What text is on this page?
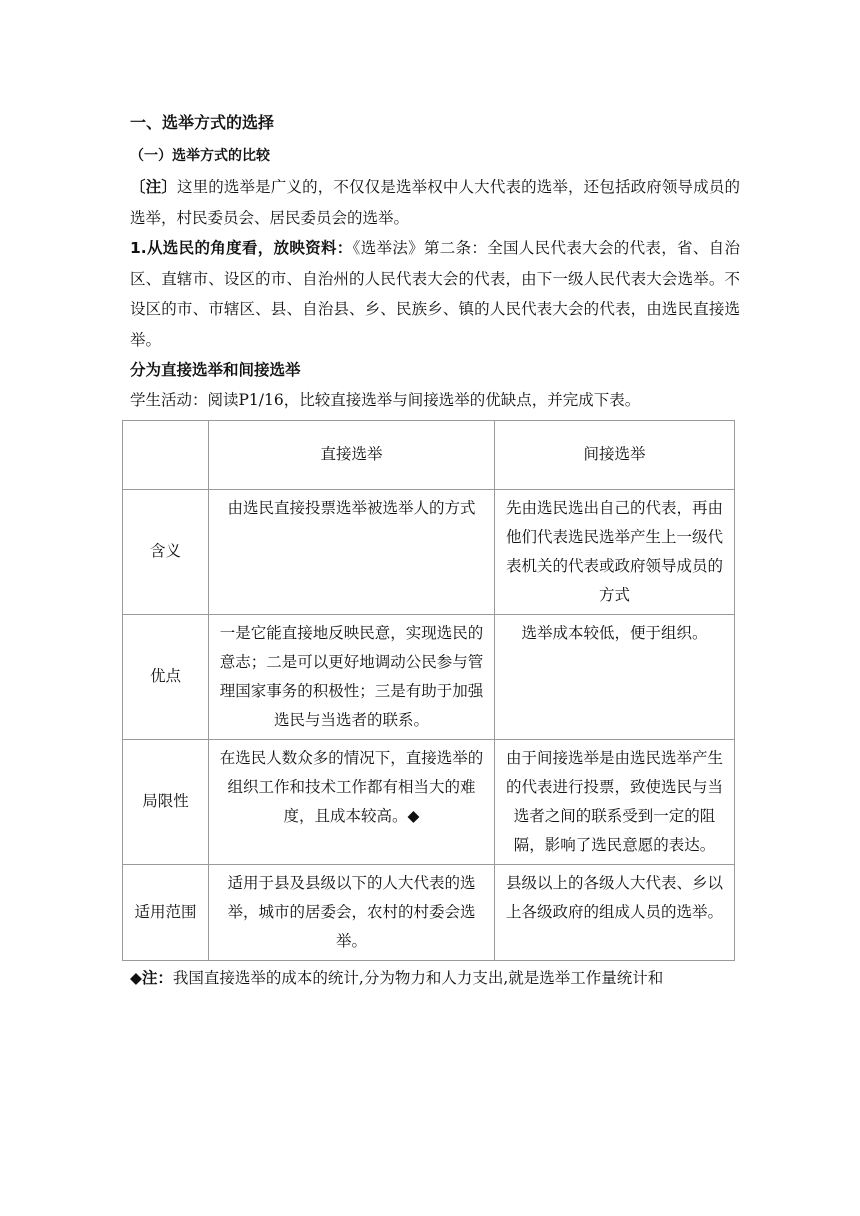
一、选举方式的选择

（一）选举方式的比较

〔注〕这里的选举是广义的，不仅仅是选举权中人大代表的选举，还包括政府领导成员的选举，村民委员会、居民委员会的选举。

1.从选民的角度看，放映资料：《选举法》第二条：全国人民代表大会的代表，省、自治区、直辖市、设区的市、自治州的人民代表大会的代表，由下一级人民代表大会选举。不设区的市、市辖区、县、自治县、乡、民族乡、镇的人民代表大会的代表，由选民直接选举。

分为直接选举和间接选举

学生活动：阅读P1/16，比较直接选举与间接选举的优缺点，并完成下表。

	直接选举	间接选举
含义	由选民直接投票选举被选举人的方式	先由选民选出自己的代表，再由他们代表选民选举产生上一级代表机关的代表或政府领导成员的方式
优点	一是它能直接地反映民意，实现选民的意志；二是可以更好地调动公民参与管理国家事务的积极性；三是有助于加强选民与当选者的联系。	选举成本较低，便于组织。
局限性	在选民人数众多的情况下，直接选举的组织工作和技术工作都有相当大的难度，且成本较高。◆	由于间接选举是由选民选举产生的代表进行投票，致使选民与当选者之间的联系受到一定的阻隔，影响了选民意愿的表达。
适用范围	适用于县及县级以下的人大代表的选举，城市的居委会，农村的村委会选举。	县级以上的各级人大代表、乡以上各级政府的组成人员的选举。

◆注：我国直接选举的成本的统计,分为物力和人力支出,就是选举工作量统计和
